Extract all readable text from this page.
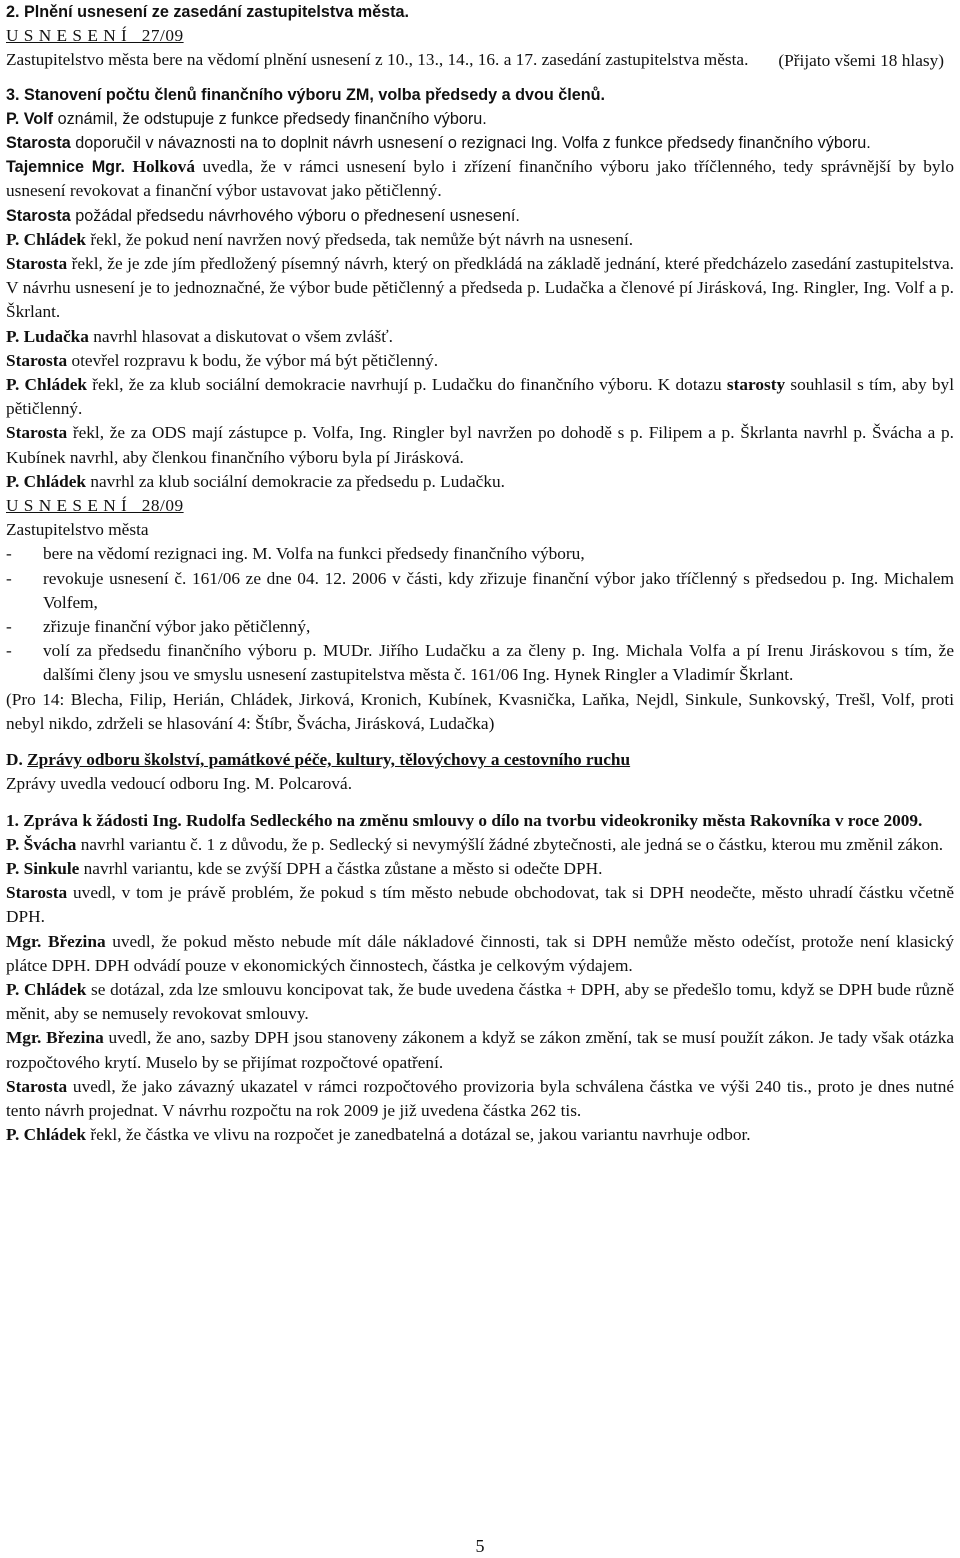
2. Plnění usnesení ze zasedání zastupitelstva města.
U S N E S E N Í   27/09

Zastupitelstvo města bere na vědomí plnění usnesení z 10., 13., 14., 16. a 17. zasedání zastupitelstva města.	(Přijato všemi 18 hlasy)
3. Stanovení počtu členů finančního výboru ZM, volba předsedy a dvou členů.

P. Volf oznámil, že odstupuje z funkce předsedy finančního výboru.

Starosta doporučil v návaznosti na to doplnit návrh usnesení o rezignaci Ing. Volfa z funkce předsedy finančního výboru.

Tajemnice Mgr. Holková uvedla, že v rámci usnesení bylo i zřízení finančního výboru jako tříčlenného, tedy správnější by bylo usnesení revokovat a finanční výbor ustavovat jako pětičlenný.

Starosta požádal předsedu návrhového výboru o přednesení usnesení.

P. Chládek řekl, že pokud není navržen nový předseda, tak nemůže být návrh na usnesení.

Starosta řekl, že je zde jím předložený písemný návrh, který on předkládá na základě jednání, které předcházelo zasedání zastupitelstva. V návrhu usnesení je to jednoznačné, že výbor bude pětičlenný a předseda p. Ludačka a členové pí Jirásková, Ing. Ringler, Ing. Volf a p. Škrlant.

P. Ludačka navrhl hlasovat a diskutovat o všem zvlášť.

Starosta otevřel rozpravu k bodu, že výbor má být pětičlenný.

P. Chládek řekl, že za klub sociální demokracie navrhují p. Ludačku do finančního výboru. K dotazu starosty souhlasil s tím, aby byl pětičlenný.

Starosta řekl, že za ODS mají zástupce p. Volfa, Ing. Ringler byl navržen po dohodě s p. Filipem a p. Škrlanta navrhl p. Švácha a p. Kubínek navrhl, aby členkou finančního výboru byla pí Jirásková.

P. Chládek navrhl za klub sociální demokracie za předsedu p. Ludačku.

U S N E S E N Í   28/09
Zastupitelstvo města
- bere na vědomí rezignaci ing. M. Volfa na funkci předsedy finančního výboru,
- revokuje usnesení č. 161/06 ze dne 04. 12. 2006 v části, kdy zřizuje finanční výbor jako tříčlenný s předsedou p. Ing. Michalem Volfem,
- zřizuje finanční výbor jako pětičlenný,
- volí za předsedu finančního výboru p. MUDr. Jiřího Ludačku a za členy p. Ing. Michala Volfa a pí Irenu Jiráskovou s tím, že dalšími členy jsou ve smyslu usnesení zastupitelstva města č. 161/06 Ing. Hynek Ringler a Vladimír Škrlant.

(Pro 14: Blecha, Filip, Herián, Chládek, Jirková, Kronich, Kubínek, Kvasnička, Laňka, Nejdl, Sinkule, Sunkovský, Trešl, Volf, proti nebyl nikdo, zdrželi se hlasování 4: Štíbr, Švácha, Jirásková, Ludačka)

D. Zprávy odboru školství, památkové péče, kultury, tělovýchovy a cestovního ruchu
Zprávy uvedla vedoucí odboru Ing. M. Polcarová.

1. Zpráva k žádosti Ing. Rudolfa Sedleckého na změnu smlouvy o dílo na tvorbu videokroniky města Rakovníka v roce 2009.

P. Švácha navrhl variantu č. 1 z důvodu, že p. Sedlecký si nevymýšlí žádné zbytečnosti, ale jedná se o částku, kterou mu změnil zákon.

P. Sinkule navrhl variantu, kde se zvýší DPH a částka zůstane a město si odečte DPH.

Starosta uvedl, v tom je právě problém, že pokud s tím město nebude obchodovat, tak si DPH neodečte, město uhradí částku včetně DPH.

Mgr. Březina uvedl, že pokud město nebude mít dále nákladové činnosti, tak si DPH nemůže město odečíst, protože není klasický plátce DPH. DPH odvádí pouze v ekonomických činnostech, částka je celkovým výdajem.

P. Chládek se dotázal, zda lze smlouvu koncipovat tak, že bude uvedena částka + DPH, aby se předešlo tomu, když se DPH bude různě měnit, aby se nemusely revokovat smlouvy.

Mgr. Březina uvedl, že ano, sazby DPH jsou stanoveny zákonem a když se zákon změní, tak se musí použít zákon. Je tady však otázka rozpočtového krytí. Muselo by se přijímat rozpočtové opatření.

Starosta uvedl, že jako závazný ukazatel v rámci rozpočtového provizoria byla schválena částka ve výši 240 tis., proto je dnes nutné tento návrh projednat. V návrhu rozpočtu na rok 2009 je již uvedena částka 262 tis.

P. Chládek řekl, že částka ve vlivu na rozpočet je zanedbatelná a dotázal se, jakou variantu navrhuje odbor.

5
